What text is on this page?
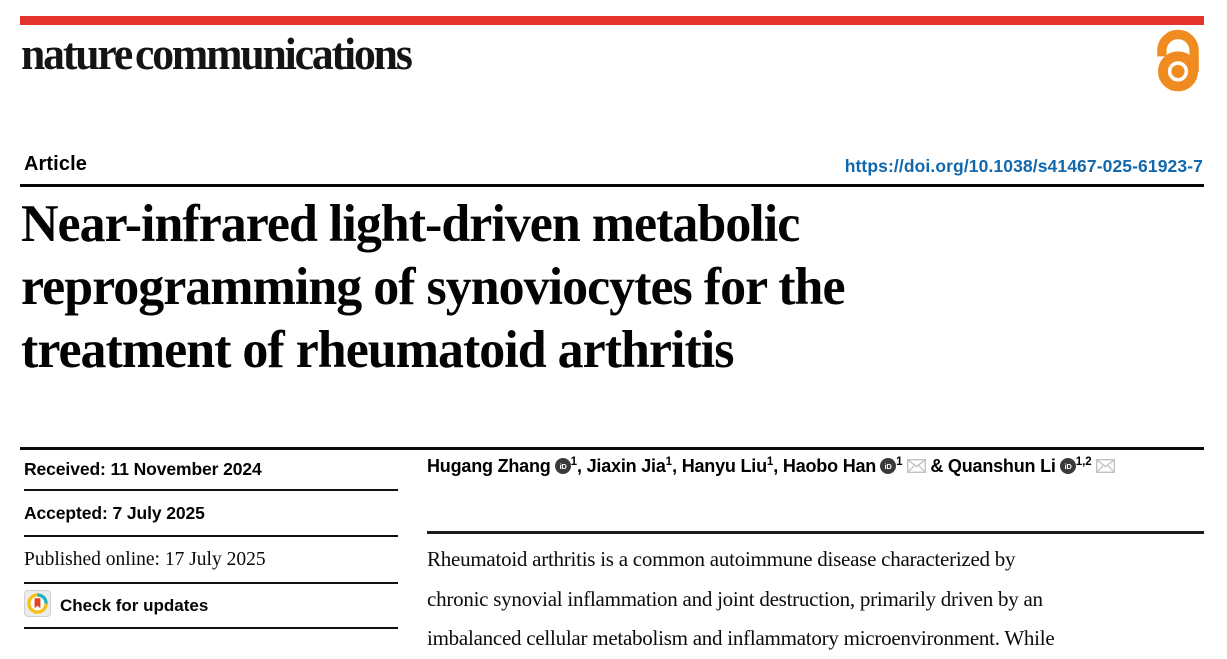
nature communications
Article	https://doi.org/10.1038/s41467-025-61923-7
Near-infrared light-driven metabolic
reprogramming of synoviocytes for the
treatment of rheumatoid arthritis
Received: 11 November 2024
Accepted: 7 July 2025
Published online: 17 July 2025
Check for updates
Hugang Zhang iD $^1$, Jiaxin Jia$^1$, Hanyu Liu$^1$, Haobo Han iD $^1$ & Quanshun Li iD $^{1,2}$
Rheumatoid arthritis is a common autoimmune disease characterized by
chronic synovial inflammation and joint destruction, primarily driven by an
imbalanced cellular metabolism and inflammatory microenvironment. While
